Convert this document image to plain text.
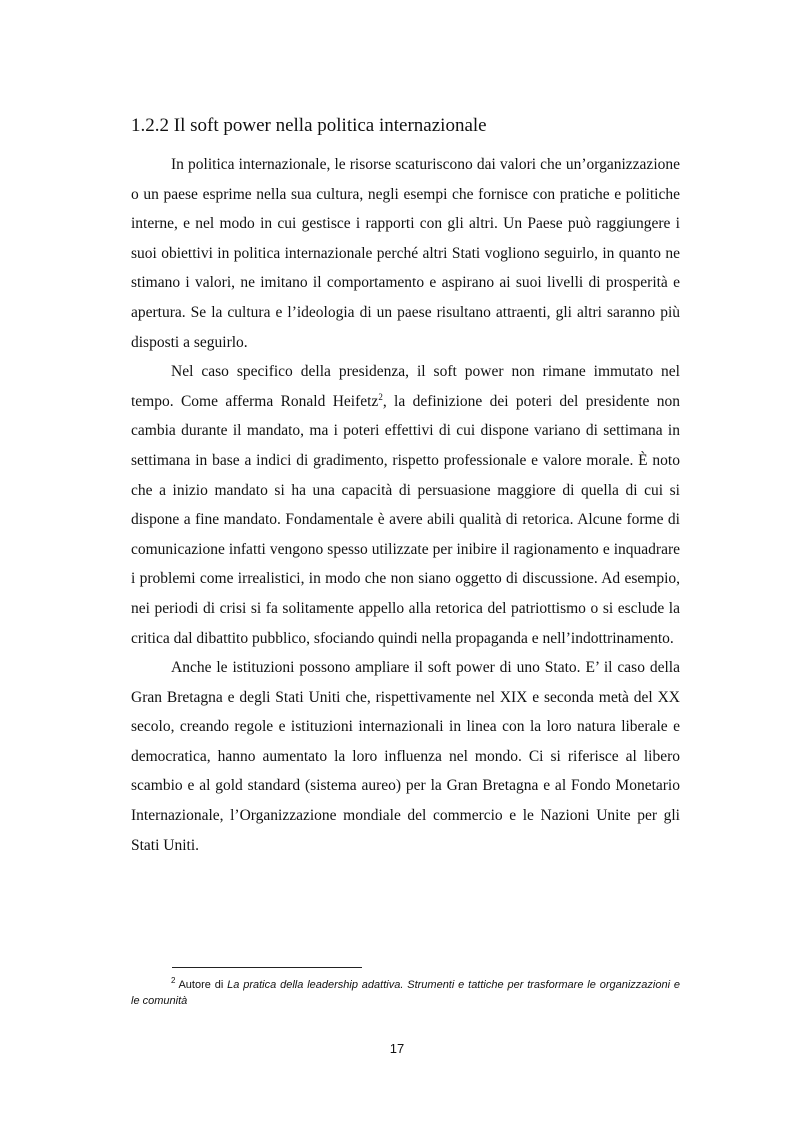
1.2.2 Il soft power nella politica internazionale

In politica internazionale, le risorse scaturiscono dai valori che un’organizzazione o un paese esprime nella sua cultura, negli esempi che fornisce con pratiche e politiche interne, e nel modo in cui gestisce i rapporti con gli altri. Un Paese può raggiungere i suoi obiettivi in politica internazionale perché altri Stati vogliono seguirlo, in quanto ne stimano i valori, ne imitano il comportamento e aspirano ai suoi livelli di prosperità e apertura. Se la cultura e l’ideologia di un paese risultano attraenti, gli altri saranno più disposti a seguirlo.

Nel caso specifico della presidenza, il soft power non rimane immutato nel tempo. Come afferma Ronald Heifetz$^2$, la definizione dei poteri del presidente non cambia durante il mandato, ma i poteri effettivi di cui dispone variano di settimana in settimana in base a indici di gradimento, rispetto professionale e valore morale. È noto che a inizio mandato si ha una capacità di persuasione maggiore di quella di cui si dispone a fine mandato. Fondamentale è avere abili qualità di retorica. Alcune forme di comunicazione infatti vengono spesso utilizzate per inibire il ragionamento e inquadrare i problemi come irrealistici, in modo che non siano oggetto di discussione. Ad esempio, nei periodi di crisi si fa solitamente appello alla retorica del patriottismo o si esclude la critica dal dibattito pubblico, sfociando quindi nella propaganda e nell’indottrinamento.

Anche le istituzioni possono ampliare il soft power di uno Stato. E’ il caso della Gran Bretagna e degli Stati Uniti che, rispettivamente nel XIX e seconda metà del XX secolo, creando regole e istituzioni internazionali in linea con la loro natura liberale e democratica, hanno aumentato la loro influenza nel mondo. Ci si riferisce al libero scambio e al gold standard (sistema aureo) per la Gran Bretagna e al Fondo Monetario Internazionale, l’Organizzazione mondiale del commercio e le Nazioni Unite per gli Stati Uniti.

2 Autore di La pratica della leadership adattiva. Strumenti e tattiche per trasformare le organizzazioni e le comunità
17
